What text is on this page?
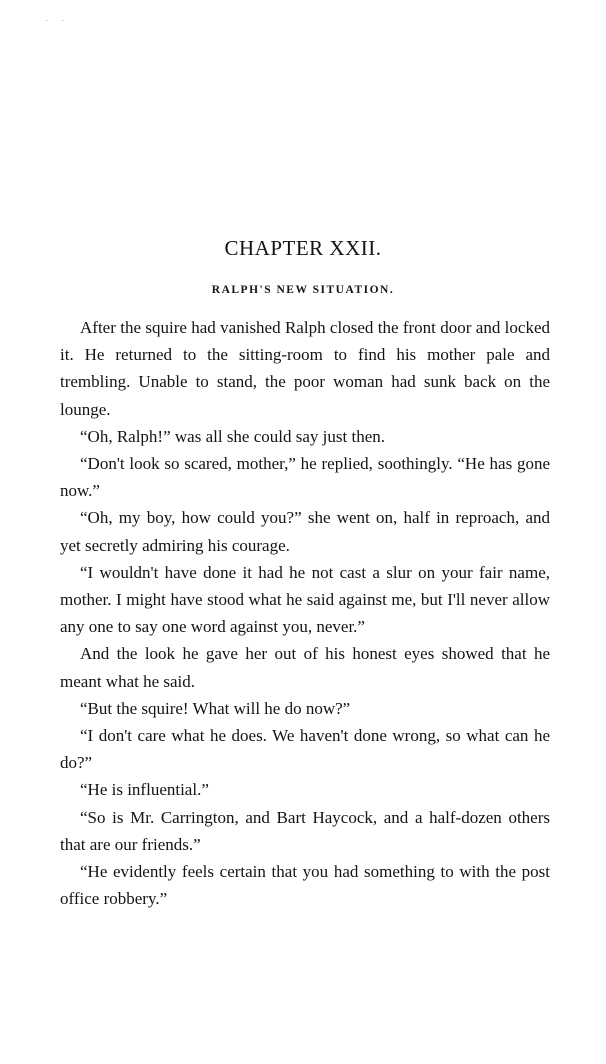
. .
CHAPTER XXII.
RALPH'S NEW SITUATION.

After the squire had vanished Ralph closed the front door and locked it. He returned to the sitting-room to find his mother pale and trembling. Unable to stand, the poor woman had sunk back on the lounge.

“Oh, Ralph!” was all she could say just then.

“Don't look so scared, mother,” he replied, soothingly. “He has gone now.”

“Oh, my boy, how could you?” she went on, half in reproach, and yet secretly admiring his courage.

“I wouldn't have done it had he not cast a slur on your fair name, mother. I might have stood what he said against me, but I'll never allow any one to say one word against you, never.”

And the look he gave her out of his honest eyes showed that he meant what he said.

“But the squire! What will he do now?”

“I don't care what he does. We haven't done wrong, so what can he do?”

“He is influential.”

“So is Mr. Carrington, and Bart Haycock, and a half-dozen others that are our friends.”

“He evidently feels certain that you had something to with the post office robbery.”
